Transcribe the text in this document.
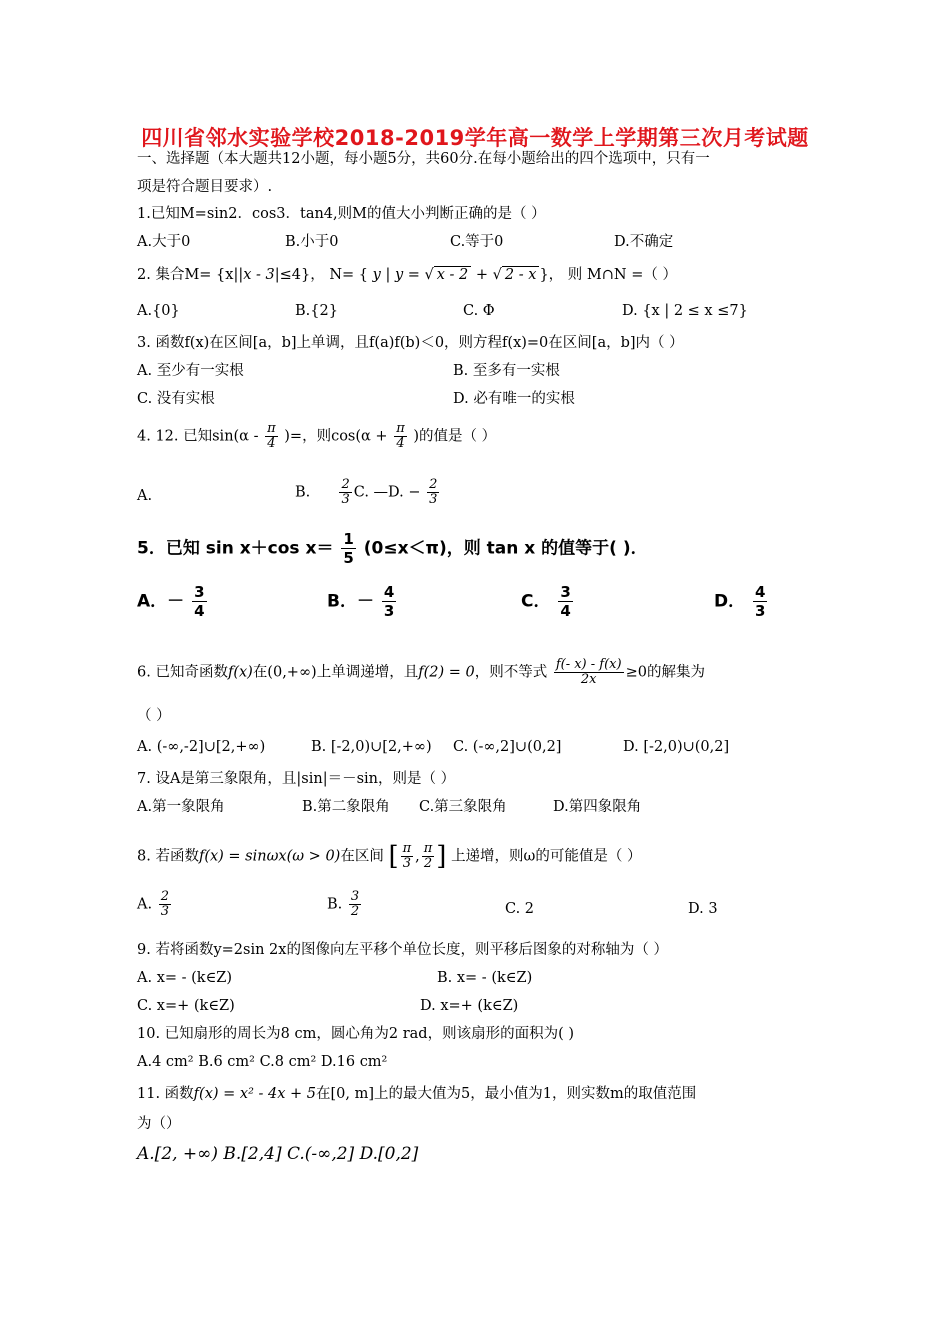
四川省邻水实验学校2018-2019学年高一数学上学期第三次月考试题
一、选择题（本大题共12小题，每小题5分，共60分.在每小题给出的四个选项中，只有一
项是符合题目要求）.
1.已知M=sin2．cos3．tan4,则M的值大小判断正确的是（ ）
A.大于0	B.小于0	C.等于0	D.不确定
2. 集合M= {x||x - 3|≤4}， N= { y | y = √ x - 2 + √ 2 - x }， 则 M∩N =（ ）
A.{0}	B.{2}	C. Φ	D. {x | 2 ≤ x ≤7}
3. 函数f(x)在区间[a，b]上单调，且f(a)f(b)＜0，则方程f(x)=0在区间[a，b]内（ ）
A. 至少有一实根	B. 至多有一实根
C. 没有实根	D. 必有唯一的实根
4. 12. 已知$\sin(\alpha - \frac{\pi}{4}$ )=，则$\cos(\alpha + \frac{\pi}{4}$ )的值是（ ）
A.	B. $\frac{2}{3} C$. —D. − $\frac{2}{3}$
5．已知 sin x＋cos $x= \frac{1}{5} (0\le x<\pi)$，则 tan x 的值等于( )．
A．－ $\frac{3}{4}$	B．－ $\frac{4}{3}$	C． $\frac{3}{4}$	D． $\frac{4}{3}$
6. 已知奇函数f(x)在(0,+∞)上单调递增，且f(2) = 0，则不等式 $\frac{f(- x) - f(x)}{2x} \ge 0$的解集为
（ ）
A. (-∞,-2]∪[2,+∞)	B. [-2,0)∪[2,+∞) C. (-∞,2]∪(0,2]	D. [-2,0)∪(0,2]
7. 设A是第三象限角，且|sin|＝－sin，则是（ ）
A.第一象限角	B.第二象限角 C.第三象限角	D.第四象限角
8. 若函数f(x) = sinωx(ω > 0)在区间 [ $\frac{\pi}{3}$ , $\frac{\pi}{2}$ ] 上递增，则ω的可能值是（ ）
A. $\frac{2}{3}$	B. $\frac{3}{2}$	C. 2	D. 3
9. 若将函数y=2sin 2x的图像向左平移个单位长度，则平移后图象的对称轴为（ ）
A. x= - (k∈Z)	B. x= - (k∈Z)
C. x=+ (k∈Z)	D. x=+ (k∈Z)
10. 已知扇形的周长为8 cm，圆心角为2 rad，则该扇形的面积为( )
A.4 cm² B.6 cm² C.8 cm² D.16 cm²
11. 函数f(x) = x² - 4x + 5在[0, m]上的最大值为5，最小值为1，则实数m的取值范围
为（）
A.[2, +∞) B.[2,4] C.(-∞,2] D.[0,2]
